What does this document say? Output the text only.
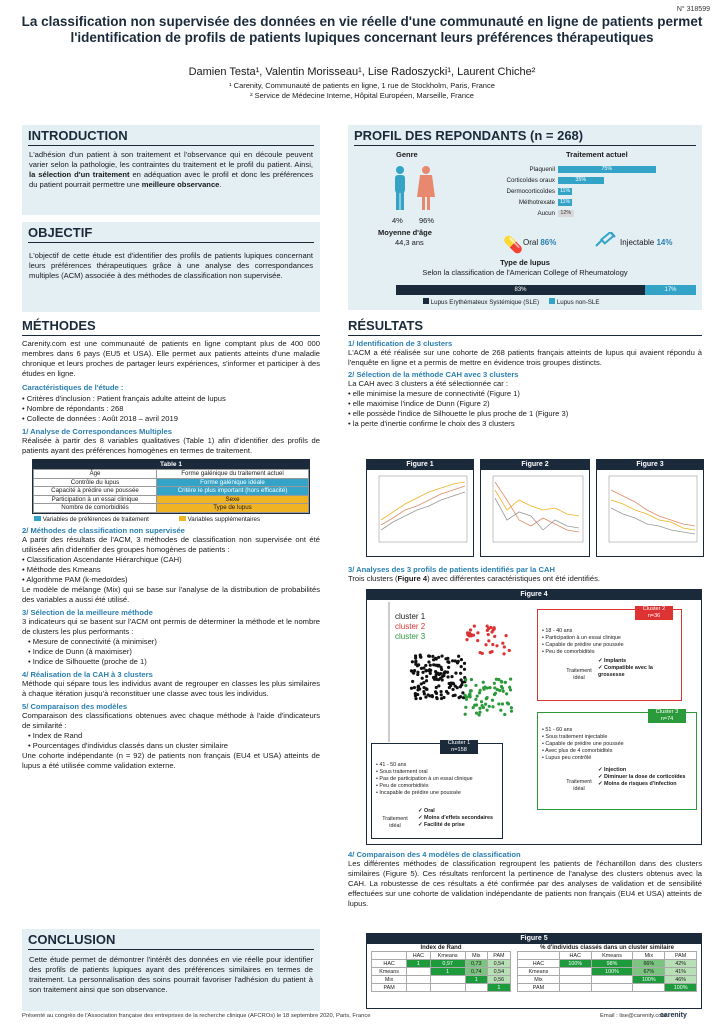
N° 318599
La classification non supervisée des données en vie réelle d'une communauté en ligne de patients permet l'identification de profils de patients lupiques concernant leurs préférences thérapeutiques
Damien Testa¹, Valentin Morisseau¹, Lise Radoszycki¹, Laurent Chiche²
¹ Carenity, Communauté de patients en ligne, 1 rue de Stockholm, Paris, France
² Service de Médecine Interne, Hôpital Européen, Marseille, France
INTRODUCTION
L'adhésion d'un patient à son traitement et l'observance qui en découle peuvent varier selon la pathologie, les contraintes du traitement et le profil du patient. Ainsi, la sélection d'un traitement en adéquation avec le profil et donc les préférences du patient pourrait permettre une meilleure observance.
OBJECTIF
L'objectif de cette étude est d'identifier des profils de patients lupiques concernant leurs préférences thérapeutiques grâce à une analyse des correspondances multiples (ACM) associée à des méthodes de classification non supervisée.
MÉTHODES
Carenity.com est une communauté de patients en ligne comptant plus de 400 000 membres dans 6 pays (EU5 et USA). Elle permet aux patients atteints d'une maladie chronique et leurs proches de partager leurs expériences, s'informer et participer à des études en ligne.
Caractéristiques de l'étude :
• Critères d'inclusion : Patient français adulte atteint de lupus
• Nombre de répondants : 268
• Collecte de données : Août 2018 – avril 2019
1/ Analyse de Correspondances Multiples
Réalisée à partir des 8 variables qualitatives (Table 1) afin d'identifier des profils de patients ayant des préférences homogènes en termes de traitement.
Table 1
Âge	Forme galénique du traitement actuel
Contrôle du lupus	Forme galénique idéale
Capacité à prédire une poussée	Critère le plus important (hors efficacité)
Participation à un essai clinique	Sexe
Nombre de comorbidités	Type de lupus
Variables de préférences de traitement	Variables supplémentaires
2/ Méthodes de classification non supervisée
A partir des résultats de l'ACM, 3 méthodes de classification non supervisée ont été utilisées afin d'identifier des groupes homogènes de patients :
• Classification Ascendante Hiérarchique (CAH)
• Méthode des Kmeans
• Algorithme PAM (k-medoïdes)
Le modèle de mélange (Mix) qui se base sur l'analyse de la distribution de probabilités des variables a aussi été utilisé.
3/ Sélection de la meilleure méthode
3 indicateurs qui se basent sur l'ACM ont permis de déterminer la méthode et le nombre de clusters les plus performants :
• Mesure de connectivité (à minimiser)
• Indice de Dunn (à maximiser)
• Indice de Silhouette (proche de 1)
4/ Réalisation de la CAH à 3 clusters
Méthode qui sépare tous les individus avant de regrouper en classes les plus similaires à chaque itération jusqu'à reconstituer une classe avec tous les individus.
5/ Comparaison des modèles
Comparaison des classifications obtenues avec chaque méthode à l'aide d'indicateurs de similarité :
• Index de Rand
• Pourcentages d'individus classés dans un cluster similaire
Une cohorte indépendante (n = 92) de patients non français (EU4 et USA) atteints de lupus a été utilisée comme validation externe.
CONCLUSION
Cette étude permet de démontrer l'intérêt des données en vie réelle pour identifier des profils de patients lupiques ayant des préférences similaires en termes de traitement. La personnalisation des soins pourrait favoriser l'adhésion du patient à son traitement ainsi que son observance.
PROFIL DES REPONDANTS (n = 268)
Genre
4% 96%
Moyenne d'âge
44,3 ans
Traitement actuel
Plaquenil	75%
Corticoïdes oraux	35%
Dermocorticoïdes 11%
Méthotrexate 11%
Aucun 12%
💊 Oral 86%	Injectable 14%
Type de lupus
Selon la classification de l'American College of Rheumatology
83%	17%
Lupus Erythémateux Systémique (SLE)	Lupus non-SLE
RÉSULTATS
1/ Identification de 3 clusters
L'ACM a été réalisée sur une cohorte de 268 patients français atteints de lupus qui avaient répondu à l'enquête en ligne et a permis de mettre en évidence trois groupes distincts.
2/ Sélection de la méthode CAH avec 3 clusters
La CAH avec 3 clusters a été sélectionnée car :
• elle minimise la mesure de connectivité (Figure 1)
• elle maximise l'indice de Dunn (Figure 2)
• elle possède l'indice de Silhouette le plus proche de 1 (Figure 3)
• la perte d'inertie confirme le choix des 3 clusters
Figure 1	Figure 2	Figure 3
3/ Analyses des 3 profils de patients identifiés par la CAH
Trois clusters (Figure 4) avec différentes caractéristiques ont été identifiés.
Figure 4
cluster 1
cluster 2
cluster 3
Cluster 2
n=36
• 18 - 40 ans
• Participation à un essai clinique
• Capable de prédire une poussée
• Peu de comorbidités
Traitement idéal
✓ Implants
✓ Compatible avec la grossesse
Cluster 3
n=74
• 51 - 60 ans
• Sous traitement injectable
• Capable de prédire une poussée
• Avec plus de 4 comorbidités
• Lupus peu contrôlé
Traitement idéal
✓ Injection
✓ Diminuer la dose de corticoïdes
✓ Moins de risques d'infection
Cluster 1
n=158
• 41 - 50 ans
• Sous traitement oral
• Pas de participation à un essai clinique
• Peu de comorbidités
• Incapable de prédire une poussée
Traitement idéal
✓ Oral
✓ Moins d'effets secondaires
✓ Facilité de prise
4/ Comparaison des 4 modèles de classification
Les différentes méthodes de classification regroupent les patients de l'échantillon dans des clusters similaires (Figure 5). Ces résultats renforcent la pertinence de l'analyse des clusters obtenus avec la CAH. La robustesse de ces résultats a été confirmée par des analyses de validation et de sensibilité effectuées sur une cohorte de validation indépendante de patients non français (EU4 et USA) atteints de lupus.
Figure 5
Index de Rand
	HAC	Kmeans	Mix	PAM
HAC	1	0,97	0,73	0,54
Kmeans		1	0,74	0,54
Mix			1	0,56
PAM				1
% d'individus classés dans un cluster similaire
	HAC	Kmeans	Mix	PAM
HAC	100%	98%	66%	42%
Kmeans		100%	67%	41%
Mix			100%	46%
PAM				100%
Présenté au congrès de l'Association française des entreprises de la recherche clinique (AFCROs) le 18 septembre 2020, Paris, France	Email : lise@carenity.com
carenity
